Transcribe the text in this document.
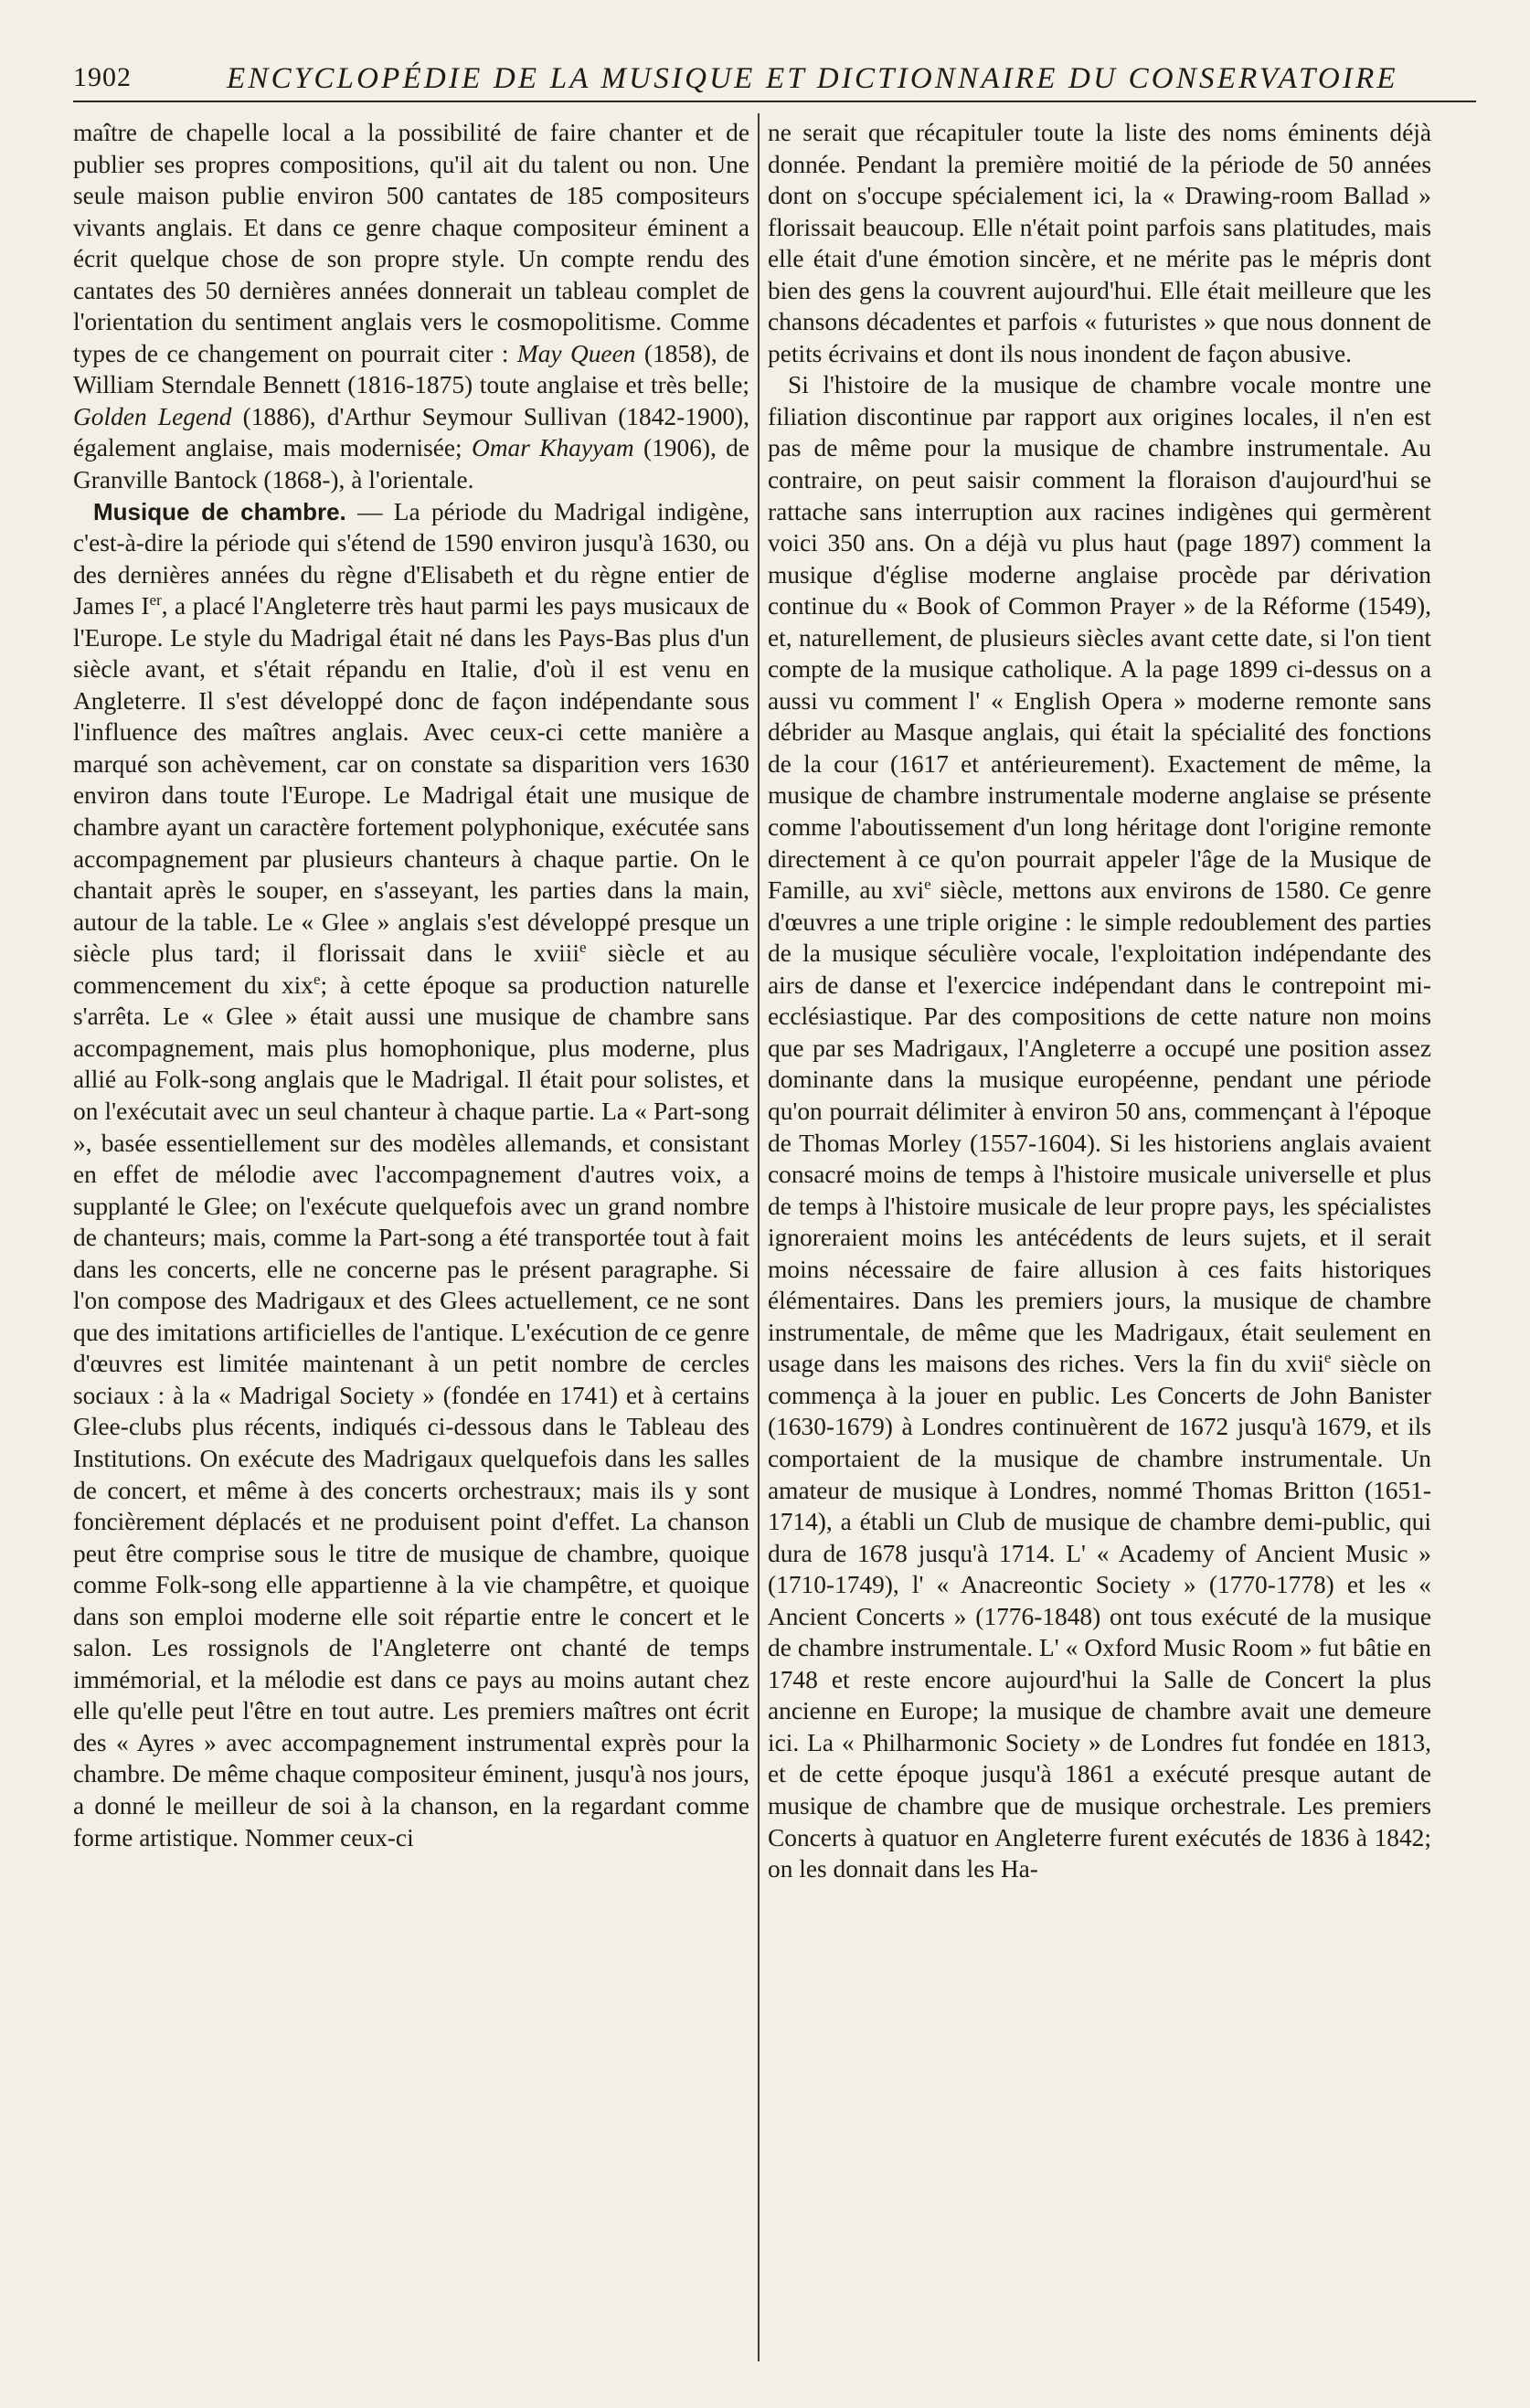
1902	ENCYCLOPÉDIE DE LA MUSIQUE ET DICTIONNAIRE DU CONSERVATOIRE

maître de chapelle local a la possibilité de faire chanter et de publier ses propres compositions, qu'il ait du talent ou non. Une seule maison publie environ 500 cantates de 185 compositeurs vivants anglais. Et dans ce genre chaque compositeur éminent a écrit quelque chose de son propre style. Un compte rendu des cantates des 50 dernières années donnerait un tableau complet de l'orientation du sentiment anglais vers le cosmopolitisme. Comme types de ce changement on pourrait citer : May Queen (1858), de William Sterndale Bennett (1816-1875) toute anglaise et très belle; Golden Legend (1886), d'Arthur Seymour Sullivan (1842-1900), également anglaise, mais modernisée; Omar Khayyam (1906), de Granville Bantock (1868-), à l'orientale.

Musique de chambre. — La période du Madrigal indigène, c'est-à-dire la période qui s'étend de 1590 environ jusqu'à 1630, ou des dernières années du règne d'Elisabeth et du règne entier de James Ier, a placé l'Angleterre très haut parmi les pays musicaux de l'Europe. Le style du Madrigal était né dans les Pays-Bas plus d'un siècle avant, et s'était répandu en Italie, d'où il est venu en Angleterre. Il s'est développé donc de façon indépendante sous l'influence des maîtres anglais. Avec ceux-ci cette manière a marqué son achèvement, car on constate sa disparition vers 1630 environ dans toute l'Europe. Le Madrigal était une musique de chambre ayant un caractère fortement polyphonique, exécutée sans accompagnement par plusieurs chanteurs à chaque partie. On le chantait après le souper, en s'asseyant, les parties dans la main, autour de la table. Le « Glee » anglais s'est développé presque un siècle plus tard; il florissait dans le xviii$^e$ siècle et au commencement du xix$^e$; à cette époque sa production naturelle s'arrêta. Le « Glee » était aussi une musique de chambre sans accompagnement, mais plus homophonique, plus moderne, plus allié au Folk-song anglais que le Madrigal. Il était pour solistes, et on l'exécutait avec un seul chanteur à chaque partie. La « Part-song », basée essentiellement sur des modèles allemands, et consistant en effet de mélodie avec l'accompagnement d'autres voix, a supplanté le Glee; on l'exécute quelquefois avec un grand nombre de chanteurs; mais, comme la Part-song a été transportée tout à fait dans les concerts, elle ne concerne pas le présent paragraphe. Si l'on compose des Madrigaux et des Glees actuellement, ce ne sont que des imitations artificielles de l'antique. L'exécution de ce genre d'œuvres est limitée maintenant à un petit nombre de cercles sociaux : à la « Madrigal Society » (fondée en 1741) et à certains Glee-clubs plus récents, indiqués ci-dessous dans le Tableau des Institutions. On exécute des Madrigaux quelquefois dans les salles de concert, et même à des concerts orchestraux; mais ils y sont foncièrement déplacés et ne produisent point d'effet. La chanson peut être comprise sous le titre de musique de chambre, quoique comme Folk-song elle appartienne à la vie champêtre, et quoique dans son emploi moderne elle soit répartie entre le concert et le salon. Les rossignols de l'Angleterre ont chanté de temps immémorial, et la mélodie est dans ce pays au moins autant chez elle qu'elle peut l'être en tout autre. Les premiers maîtres ont écrit des « Ayres » avec accompagnement instrumental exprès pour la chambre. De même chaque compositeur éminent, jusqu'à nos jours, a donné le meilleur de soi à la chanson, en la regardant comme forme artistique. Nommer ceux-ci

ne serait que récapituler toute la liste des noms éminents déjà donnée. Pendant la première moitié de la période de 50 années dont on s'occupe spécialement ici, la « Drawing-room Ballad » florissait beaucoup. Elle n'était point parfois sans platitudes, mais elle était d'une émotion sincère, et ne mérite pas le mépris dont bien des gens la couvrent aujourd'hui. Elle était meilleure que les chansons décadentes et parfois « futuristes » que nous donnent de petits écrivains et dont ils nous inondent de façon abusive.

Si l'histoire de la musique de chambre vocale montre une filiation discontinue par rapport aux origines locales, il n'en est pas de même pour la musique de chambre instrumentale. Au contraire, on peut saisir comment la floraison d'aujourd'hui se rattache sans interruption aux racines indigènes qui germèrent voici 350 ans. On a déjà vu plus haut (page 1897) comment la musique d'église moderne anglaise procède par dérivation continue du « Book of Common Prayer » de la Réforme (1549), et, naturellement, de plusieurs siècles avant cette date, si l'on tient compte de la musique catholique. A la page 1899 ci-dessus on a aussi vu comment l' « English Opera » moderne remonte sans débrider au Masque anglais, qui était la spécialité des fonctions de la cour (1617 et antérieurement). Exactement de même, la musique de chambre instrumentale moderne anglaise se présente comme l'aboutissement d'un long héritage dont l'origine remonte directement à ce qu'on pourrait appeler l'âge de la Musique de Famille, au xvi$^e$ siècle, mettons aux environs de 1580. Ce genre d'œuvres a une triple origine : le simple redoublement des parties de la musique séculière vocale, l'exploitation indépendante des airs de danse et l'exercice indépendant dans le contrepoint mi-ecclésiastique. Par des compositions de cette nature non moins que par ses Madrigaux, l'Angleterre a occupé une position assez dominante dans la musique européenne, pendant une période qu'on pourrait délimiter à environ 50 ans, commençant à l'époque de Thomas Morley (1557-1604). Si les historiens anglais avaient consacré moins de temps à l'histoire musicale universelle et plus de temps à l'histoire musicale de leur propre pays, les spécialistes ignoreraient moins les antécédents de leurs sujets, et il serait moins nécessaire de faire allusion à ces faits historiques élémentaires. Dans les premiers jours, la musique de chambre instrumentale, de même que les Madrigaux, était seulement en usage dans les maisons des riches. Vers la fin du xvii$^e$ siècle on commença à la jouer en public. Les Concerts de John Banister (1630-1679) à Londres continuèrent de 1672 jusqu'à 1679, et ils comportaient de la musique de chambre instrumentale. Un amateur de musique à Londres, nommé Thomas Britton (1651-1714), a établi un Club de musique de chambre demi-public, qui dura de 1678 jusqu'à 1714. L' « Academy of Ancient Music » (1710-1749), l' « Anacreontic Society » (1770-1778) et les « Ancient Concerts » (1776-1848) ont tous exécuté de la musique de chambre instrumentale. L' « Oxford Music Room » fut bâtie en 1748 et reste encore aujourd'hui la Salle de Concert la plus ancienne en Europe; la musique de chambre avait une demeure ici. La « Philharmonic Society » de Londres fut fondée en 1813, et de cette époque jusqu'à 1861 a exécuté presque autant de musique de chambre que de musique orchestrale. Les premiers Concerts à quatuor en Angleterre furent exécutés de 1836 à 1842; on les donnait dans les Ha-
